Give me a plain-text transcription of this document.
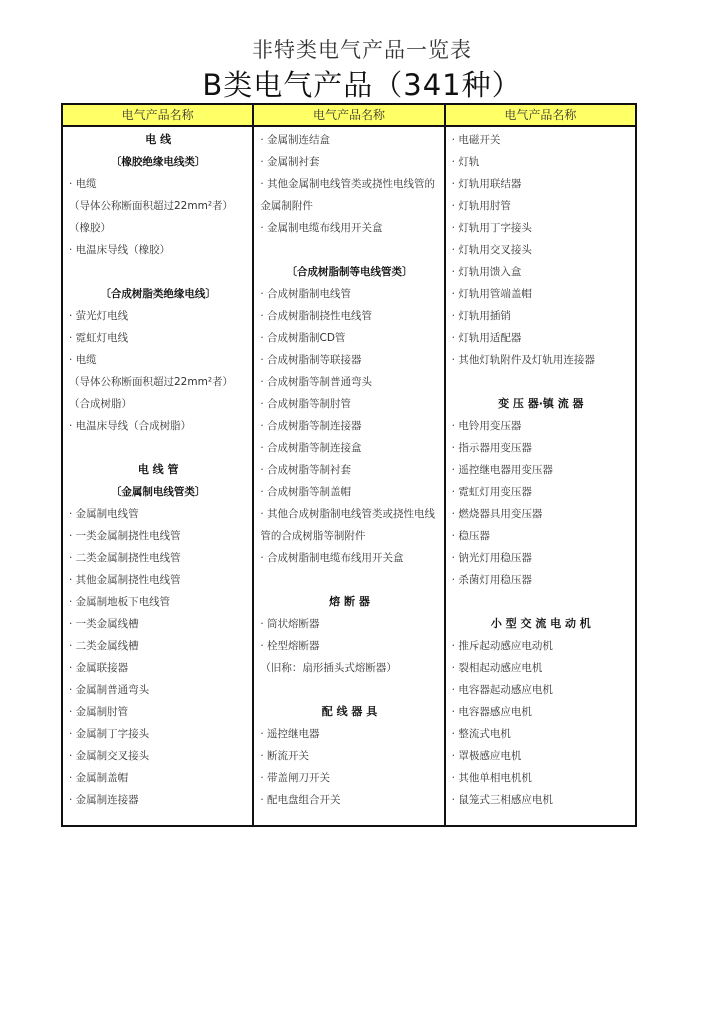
非特类电气产品一览表
B类电气产品（341种）
电气产品名称
电 线
〔橡胶绝缘电线类〕
· 电缆
（导体公称断面积超过22mm²者）
（橡胶）
· 电温床导线（橡胶）
〔合成树脂类绝缘电线〕
· 萤光灯电线
· 霓虹灯电线
· 电缆
（导体公称断面积超过22mm²者）
（合成树脂）
· 电温床导线（合成树脂）
电 线 管
〔金属制电线管类〕
· 金属制电线管
· 一类金属制挠性电线管
· 二类金属制挠性电线管
· 其他金属制挠性电线管
· 金属制地板下电线管
· 一类金属线槽
· 二类金属线槽
· 金属联接器
· 金属制普通弯头
· 金属制肘管
· 金属制丁字接头
· 金属制交叉接头
· 金属制盖帽
· 金属制连接器
电气产品名称
· 金属制连结盒
· 金属制衬套
· 其他金属制电线管类或挠性电线管的
金属制附件
· 金属制电缆布线用开关盒
〔合成树脂制等电线管类〕
· 合成树脂制电线管
· 合成树脂制挠性电线管
· 合成树脂制CD管
· 合成树脂制等联接器
· 合成树脂等制普通弯头
· 合成树脂等制肘管
· 合成树脂等制连接器
· 合成树脂等制连接盒
· 合成树脂等制衬套
· 合成树脂等制盖帽
· 其他合成树脂制电线管类或挠性电线
管的合成树脂等制附件
· 合成树脂制电缆布线用开关盒
熔 断 器
· 筒状熔断器
· 栓型熔断器
（旧称：扇形插头式熔断器）
配 线 器 具
· 遥控继电器
· 断流开关
· 带盖闸刀开关
· 配电盘组合开关
电气产品名称
· 电磁开关
· 灯轨
· 灯轨用联结器
· 灯轨用肘管
· 灯轨用丁字接头
· 灯轨用交叉接头
· 灯轨用馈入盒
· 灯轨用管端盖帽
· 灯轨用插销
· 灯轨用适配器
· 其他灯轨附件及灯轨用连接器
变 压 器·镇 流 器
· 电铃用变压器
· 指示器用变压器
· 遥控继电器用变压器
· 霓虹灯用变压器
· 燃烧器具用变压器
· 稳压器
· 钠光灯用稳压器
· 杀菌灯用稳压器
小 型 交 流 电 动 机
· 推斥起动感应电动机
· 裂相起动感应电机
· 电容器起动感应电机
· 电容器感应电机
· 整流式电机
· 罩极感应电机
· 其他单相电机机
· 鼠笼式三相感应电机
